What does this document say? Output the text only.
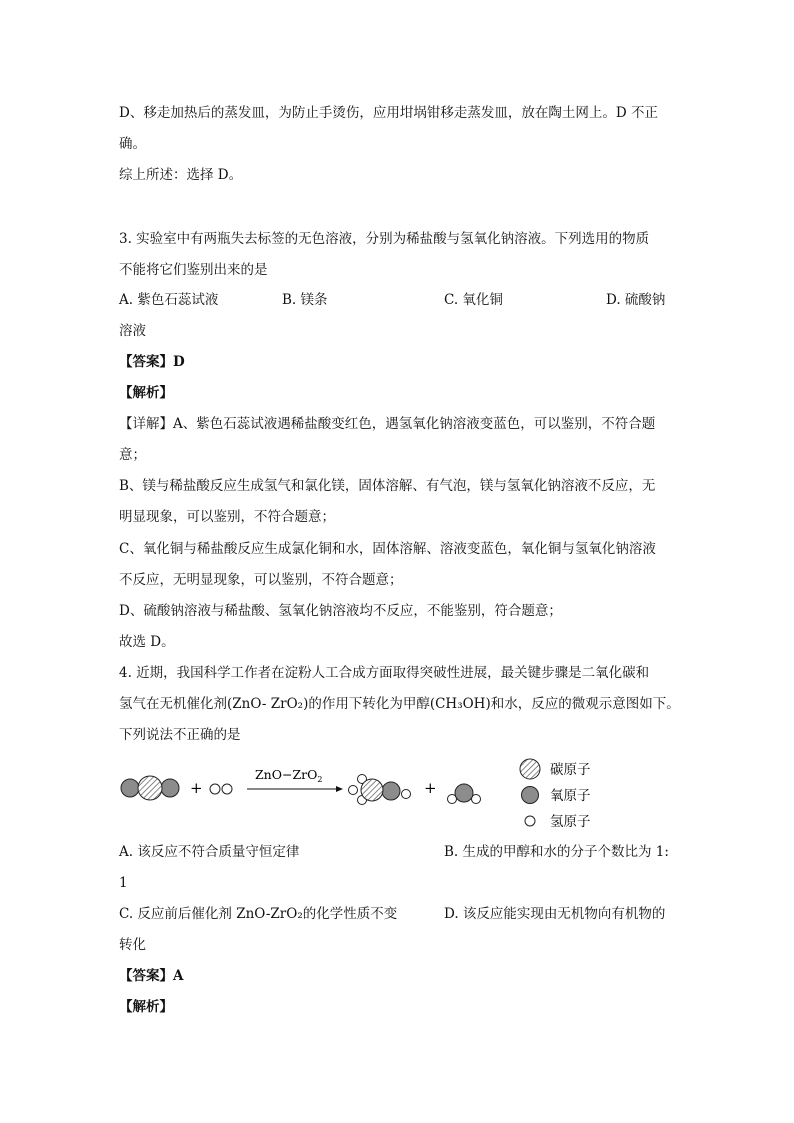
D、移走加热后的蒸发皿，为防止手烫伤，应用坩埚钳移走蒸发皿，放在陶土网上。D 不正
确。
综上所述：选择 D。
3. 实验室中有两瓶失去标签的无色溶液，分别为稀盐酸与氢氧化钠溶液。下列选用的物质
不能将它们鉴别出来的是
A. 紫色石蕊试液	B. 镁条	C. 氧化铜	D. 硫酸钠
溶液
【答案】D
【解析】
【详解】A、紫色石蕊试液遇稀盐酸变红色，遇氢氧化钠溶液变蓝色，可以鉴别，不符合题
意；
B、镁与稀盐酸反应生成氢气和氯化镁，固体溶解、有气泡，镁与氢氧化钠溶液不反应，无
明显现象，可以鉴别，不符合题意；
C、氧化铜与稀盐酸反应生成氯化铜和水，固体溶解、溶液变蓝色，氧化铜与氢氧化钠溶液
不反应，无明显现象，可以鉴别，不符合题意；
D、硫酸钠溶液与稀盐酸、氢氧化钠溶液均不反应，不能鉴别，符合题意；
故选 D。
4. 近期，我国科学工作者在淀粉人工合成方面取得突破性进展，最关键步骤是二氧化碳和
氢气在无机催化剂(ZnO- ZrO₂)的作用下转化为甲醇(CH₃OH)和水，反应的微观示意图如下。
下列说法不正确的是
+
ZnO−ZrO$_2$	+
碳原子
氧原子
氢原子
A. 该反应不符合质量守恒定律	B. 生成的甲醇和水的分子个数比为 1:
1
C. 反应前后催化剂 ZnO-ZrO₂的化学性质不变	D. 该反应能实现由无机物向有机物的
转化
【答案】A
【解析】
